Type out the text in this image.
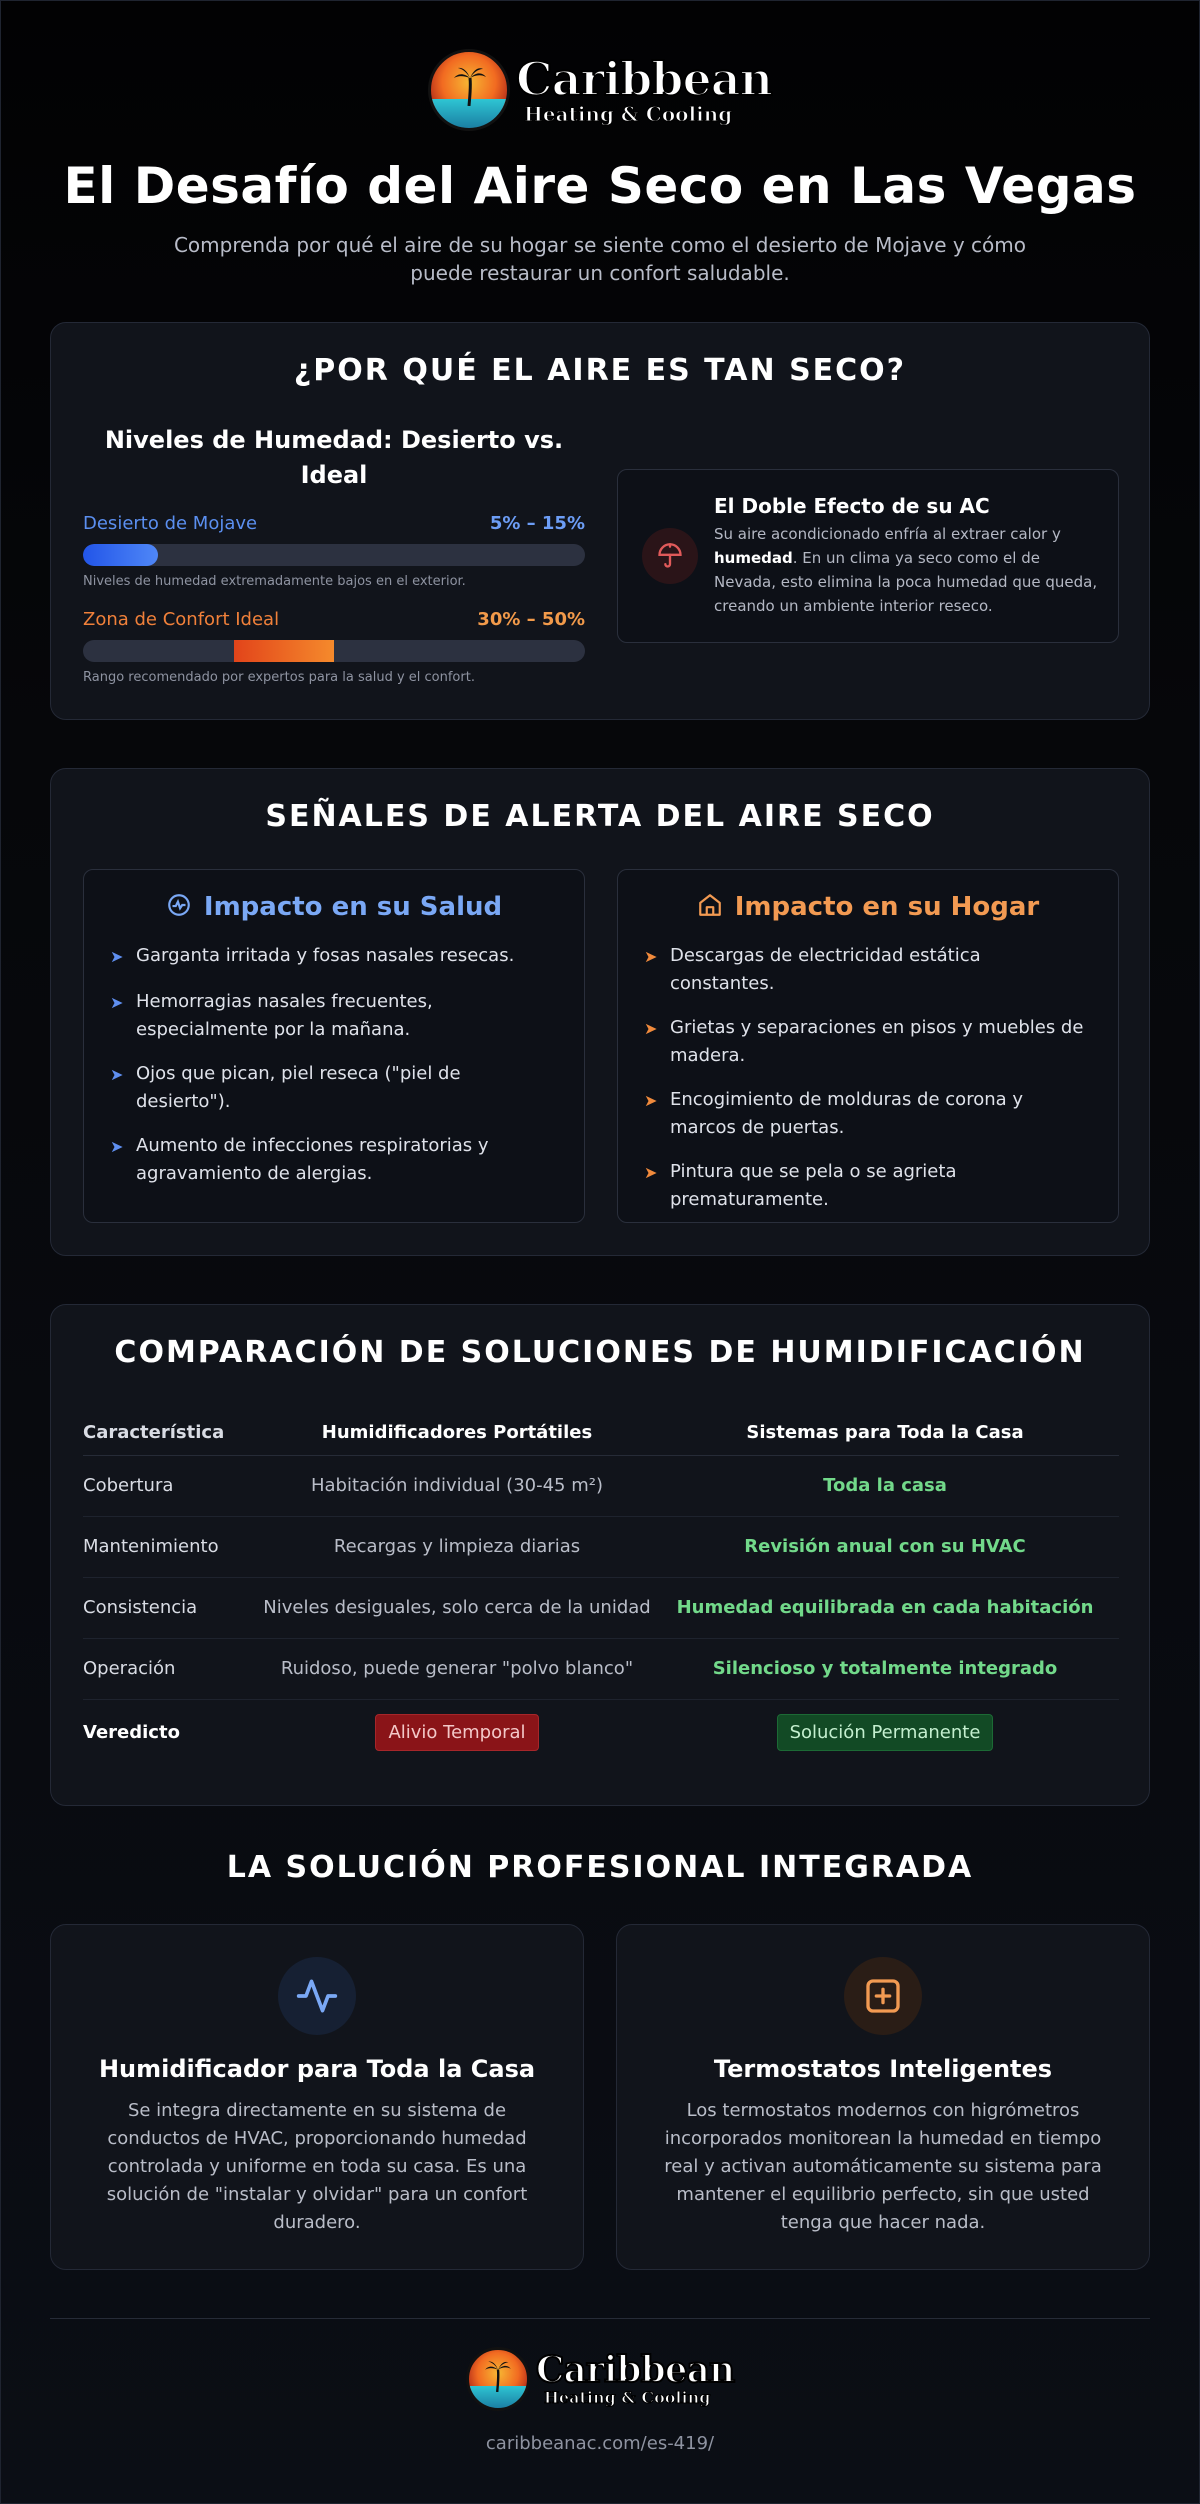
Caribbean
Heating & Cooling
El Desafío del Aire Seco en Las Vegas

Comprenda por qué el aire de su hogar se siente como el desierto de Mojave y cómo puede restaurar un confort saludable.

¿POR QUÉ EL AIRE ES TAN SECO?
Niveles de Humedad: Desierto vs. Ideal
Desierto de Mojave	5% – 15%
Niveles de humedad extremadamente bajos en el exterior.
Zona de Confort Ideal	30% – 50%
Rango recomendado por expertos para la salud y el confort.
El Doble Efecto de su AC
Su aire acondicionado enfría al extraer calor y humedad. En un clima ya seco como el de Nevada, esto elimina la poca humedad que queda, creando un ambiente interior reseco.
SEÑALES DE ALERTA DEL AIRE SECO
Impacto en su Salud
➤ Garganta irritada y fosas nasales resecas.
➤ Hemorragias nasales frecuentes, especialmente por la mañana.
➤ Ojos que pican, piel reseca ("piel de desierto").
➤ Aumento de infecciones respiratorias y agravamiento de alergias.
Impacto en su Hogar
➤ Descargas de electricidad estática constantes.
➤ Grietas y separaciones en pisos y muebles de madera.
➤ Encogimiento de molduras de corona y marcos de puertas.
➤ Pintura que se pela o se agrieta prematuramente.
COMPARACIÓN DE SOLUCIONES DE HUMIDIFICACIÓN
Característica	Humidificadores Portátiles	Sistemas para Toda la Casa
Cobertura	Habitación individual (30-45 m²)	Toda la casa
Mantenimiento	Recargas y limpieza diarias	Revisión anual con su HVAC
Consistencia	Niveles desiguales, solo cerca de la unidad	Humedad equilibrada en cada habitación
Operación	Ruidoso, puede generar "polvo blanco"	Silencioso y totalmente integrado
Veredicto	Alivio Temporal	Solución Permanente
LA SOLUCIÓN PROFESIONAL INTEGRADA
Humidificador para Toda la Casa
Se integra directamente en su sistema de conductos de HVAC, proporcionando humedad controlada y uniforme en toda su casa. Es una solución de "instalar y olvidar" para un confort duradero.
Termostatos Inteligentes
Los termostatos modernos con higrómetros incorporados monitorean la humedad en tiempo real y activan automáticamente su sistema para mantener el equilibrio perfecto, sin que usted tenga que hacer nada.
Caribbean
Heating & Cooling
caribbeanac.com/es-419/
